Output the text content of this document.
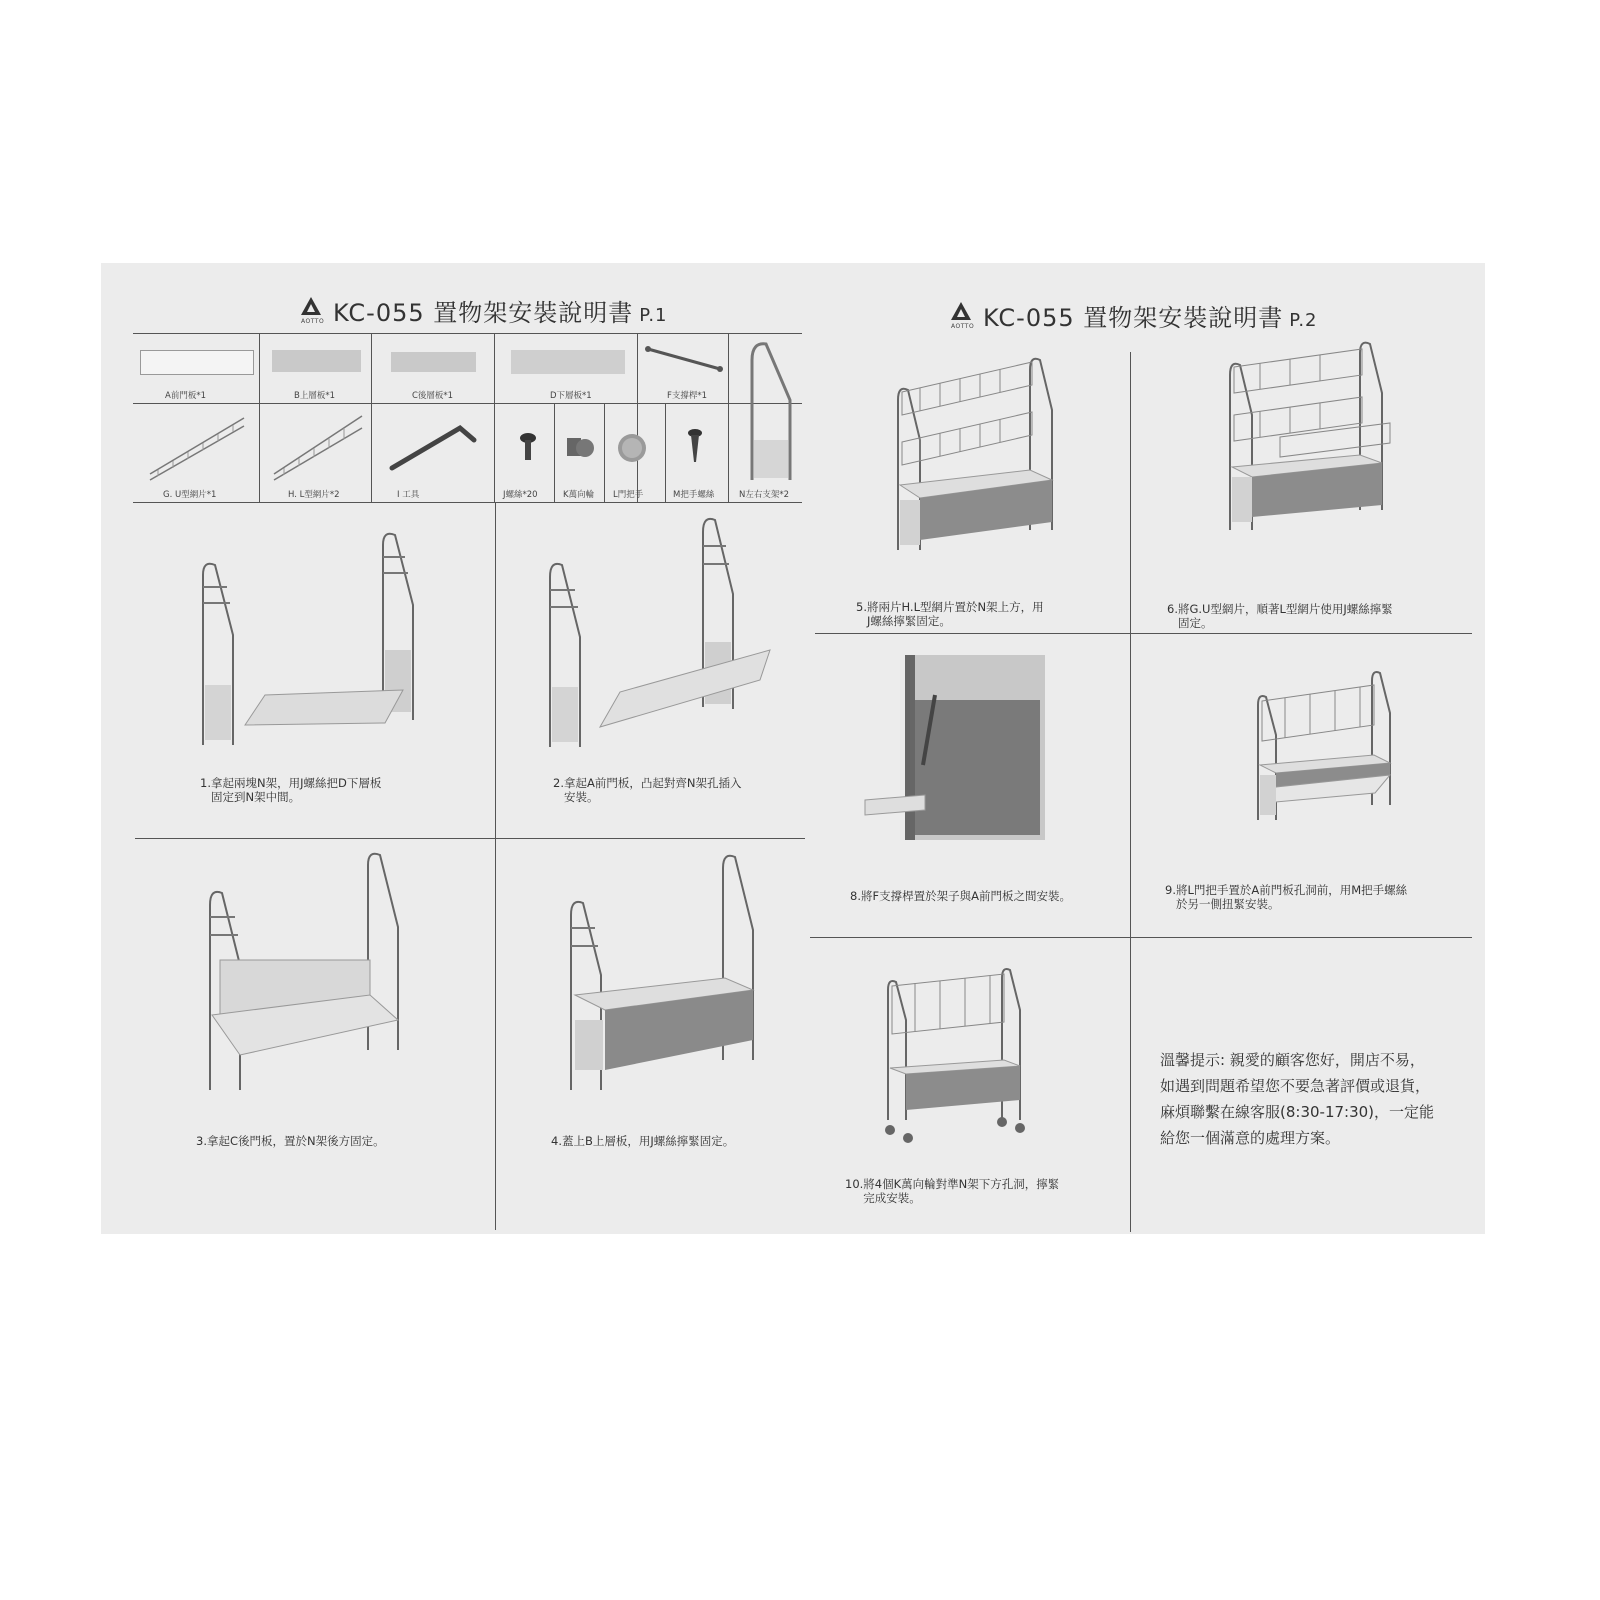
AOTTO KC-055 置物架安裝說明書 P.1
AOTTO KC-055 置物架安裝說明書 P.2
A前門板*1	B上層板*1	C後層板*1	D下層板*1	F支撐桿*1
G. U型網片*1	H. L型網片*2	I 工具	J螺絲*20	K萬向輪 L門把手	M把手螺絲	N左右支架*2
1.拿起兩塊N架，用J螺絲把D下層板
固定到N架中間。
2.拿起A前門板，凸起對齊N架孔插入
安裝。
3.拿起C後門板，置於N架後方固定。	4.蓋上B上層板，用J螺絲擰緊固定。
5.將兩片H.L型網片置於N架上方，用
J螺絲擰緊固定。
6.將G.U型網片，順著L型網片使用J螺絲擰緊
固定。
8.將F支撐桿置於架子與A前門板之間安裝。	9.將L門把手置於A前門板孔洞前，用M把手螺絲
於另一側扭緊安裝。
10.將4個K萬向輪對準N架下方孔洞，擰緊
完成安裝。
溫馨提示: 親愛的顧客您好，開店不易，
如遇到問題希望您不要急著評價或退貨，
麻煩聯繫在線客服(8:30-17:30)，一定能
給您一個滿意的處理方案。
